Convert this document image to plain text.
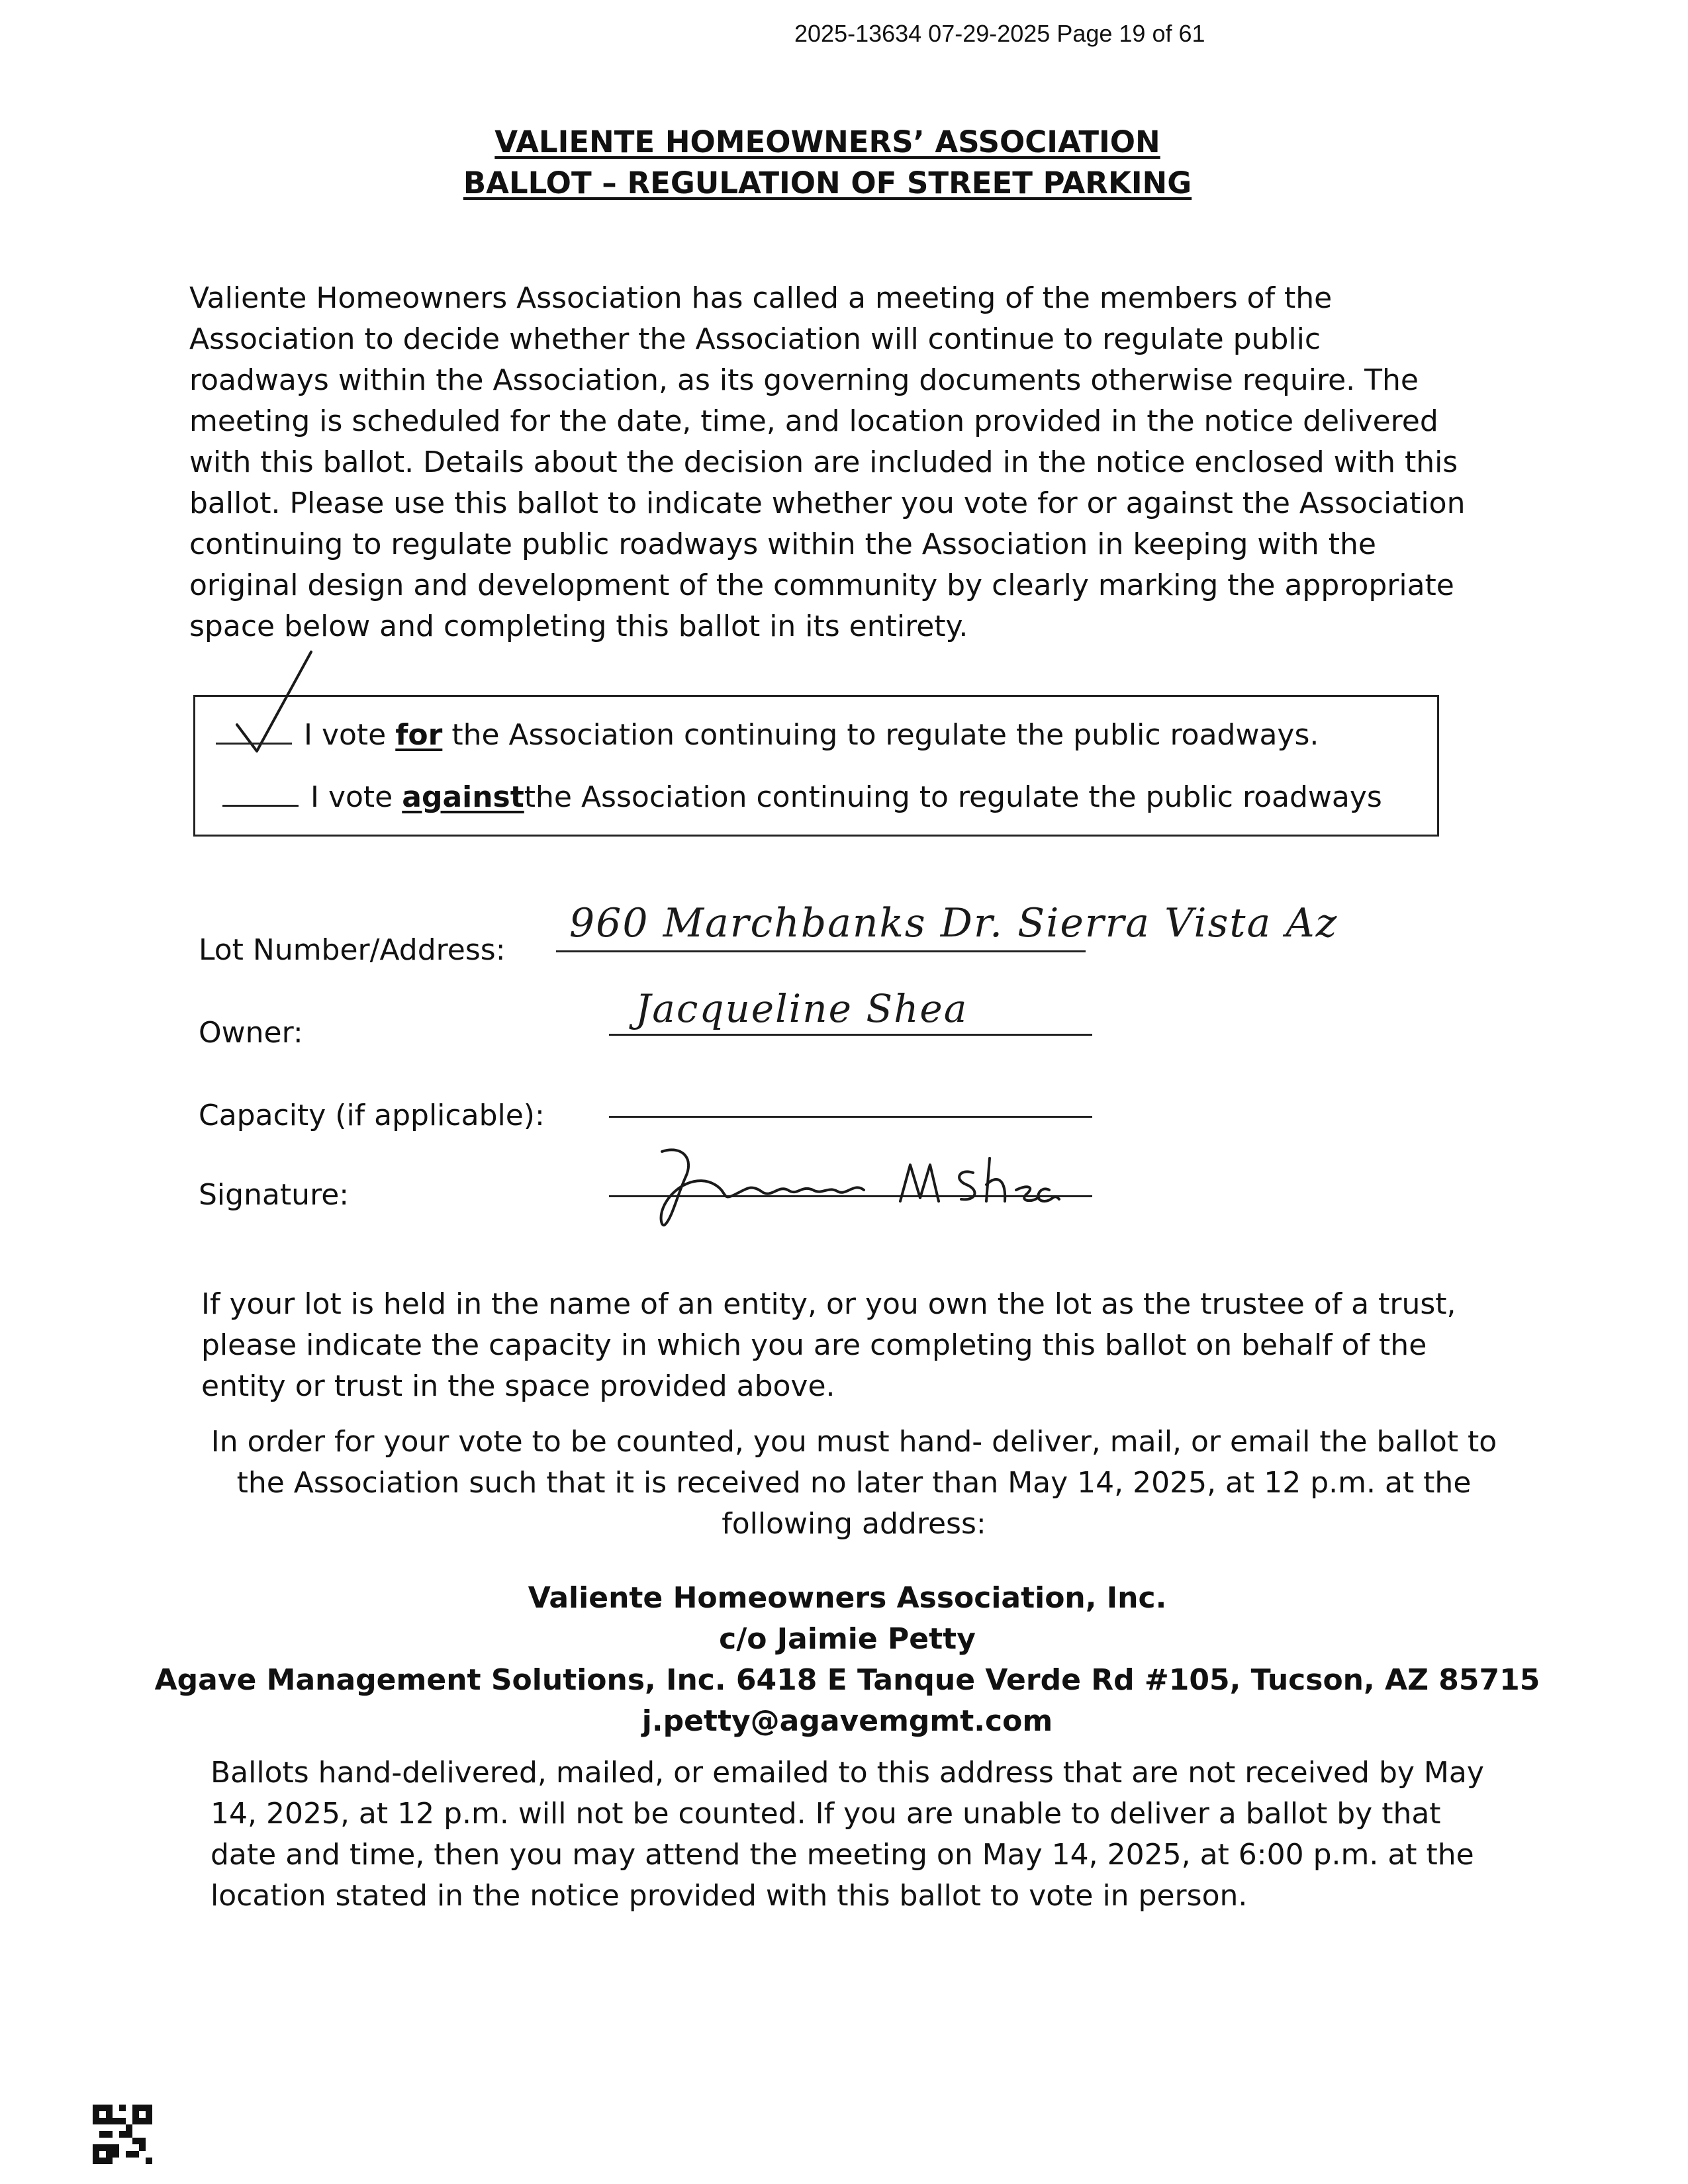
2025-13634 07-29-2025 Page 19 of 61
VALIENTE HOMEOWNERS’ ASSOCIATION
BALLOT – REGULATION OF STREET PARKING
Valiente Homeowners Association has called a meeting of the members of the
Association to decide whether the Association will continue to regulate public
roadways within the Association, as its governing documents otherwise require. The
meeting is scheduled for the date, time, and location provided in the notice delivered
with this ballot. Details about the decision are included in the notice enclosed with this
ballot. Please use this ballot to indicate whether you vote for or against the Association
continuing to regulate public roadways within the Association in keeping with the
original design and development of the community by clearly marking the appropriate
space below and completing this ballot in its entirety.
I vote for the Association continuing to regulate the public roadways.
I vote againstthe Association continuing to regulate the public roadways
Lot Number/Address:
960 Marchbanks Dr. Sierra Vista Az
Owner:
Jacqueline Shea
Capacity (if applicable):
Signature:
If your lot is held in the name of an entity, or you own the lot as the trustee of a trust,
please indicate the capacity in which you are completing this ballot on behalf of the
entity or trust in the space provided above.
In order for your vote to be counted, you must hand- deliver, mail, or email the ballot to
the Association such that it is received no later than May 14, 2025, at 12 p.m. at the
following address:
Valiente Homeowners Association, Inc.
c/o Jaimie Petty
Agave Management Solutions, Inc. 6418 E Tanque Verde Rd #105, Tucson, AZ 85715
j.petty@agavemgmt.com
Ballots hand-delivered, mailed, or emailed to this address that are not received by May
14, 2025, at 12 p.m. will not be counted. If you are unable to deliver a ballot by that
date and time, then you may attend the meeting on May 14, 2025, at 6:00 p.m. at the
location stated in the notice provided with this ballot to vote in person.
